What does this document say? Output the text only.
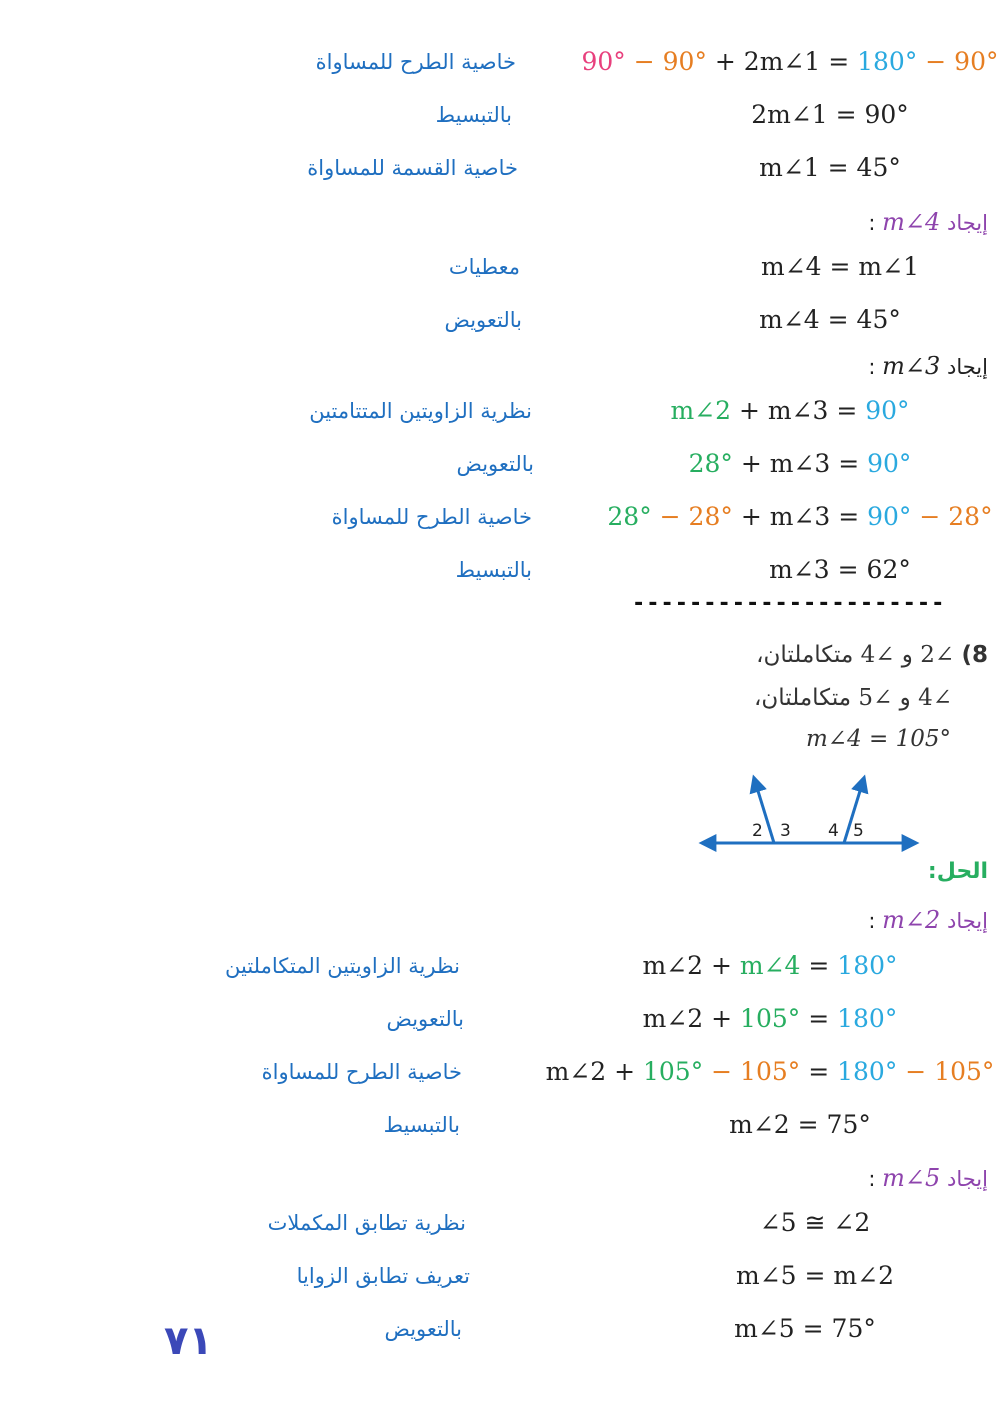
90° − 90° + 2m∠1 = 180° − 90°
خاصية الطرح للمساواة
2m∠1 = 90°
بالتبسيط
m∠1 = 45°
خاصية القسمة للمساواة
إيجاد m∠4 :
m∠4 = m∠1
معطيات
m∠4 = 45°
بالتعويض
إيجاد m∠3 :
m∠2 + m∠3 = 90°
نظرية الزاويتين المتتامتين
28° + m∠3 = 90°
بالتعويض
28° − 28° + m∠3 = 90° − 28°
خاصية الطرح للمساواة
m∠3 = 62°
بالتبسيط
----------------------
8) ∠2 و ∠4 متكاملتان،
∠4 و ∠5 متكاملتان،
m∠4 = 105°
2 3 4 5
الحل:
إيجاد m∠2 :
m∠2 + m∠4 = 180°
نظرية الزاويتين المتكاملتين
m∠2 + 105° = 180°
بالتعويض
m∠2 + 105° − 105° = 180° − 105°
خاصية الطرح للمساواة
m∠2 = 75°
بالتبسيط
إيجاد m∠5 :
∠5 ≅ ∠2
نظرية تطابق المكملات
m∠5 = m∠2
تعريف تطابق الزوايا
m∠5 = 75°
بالتعويض
٧١
